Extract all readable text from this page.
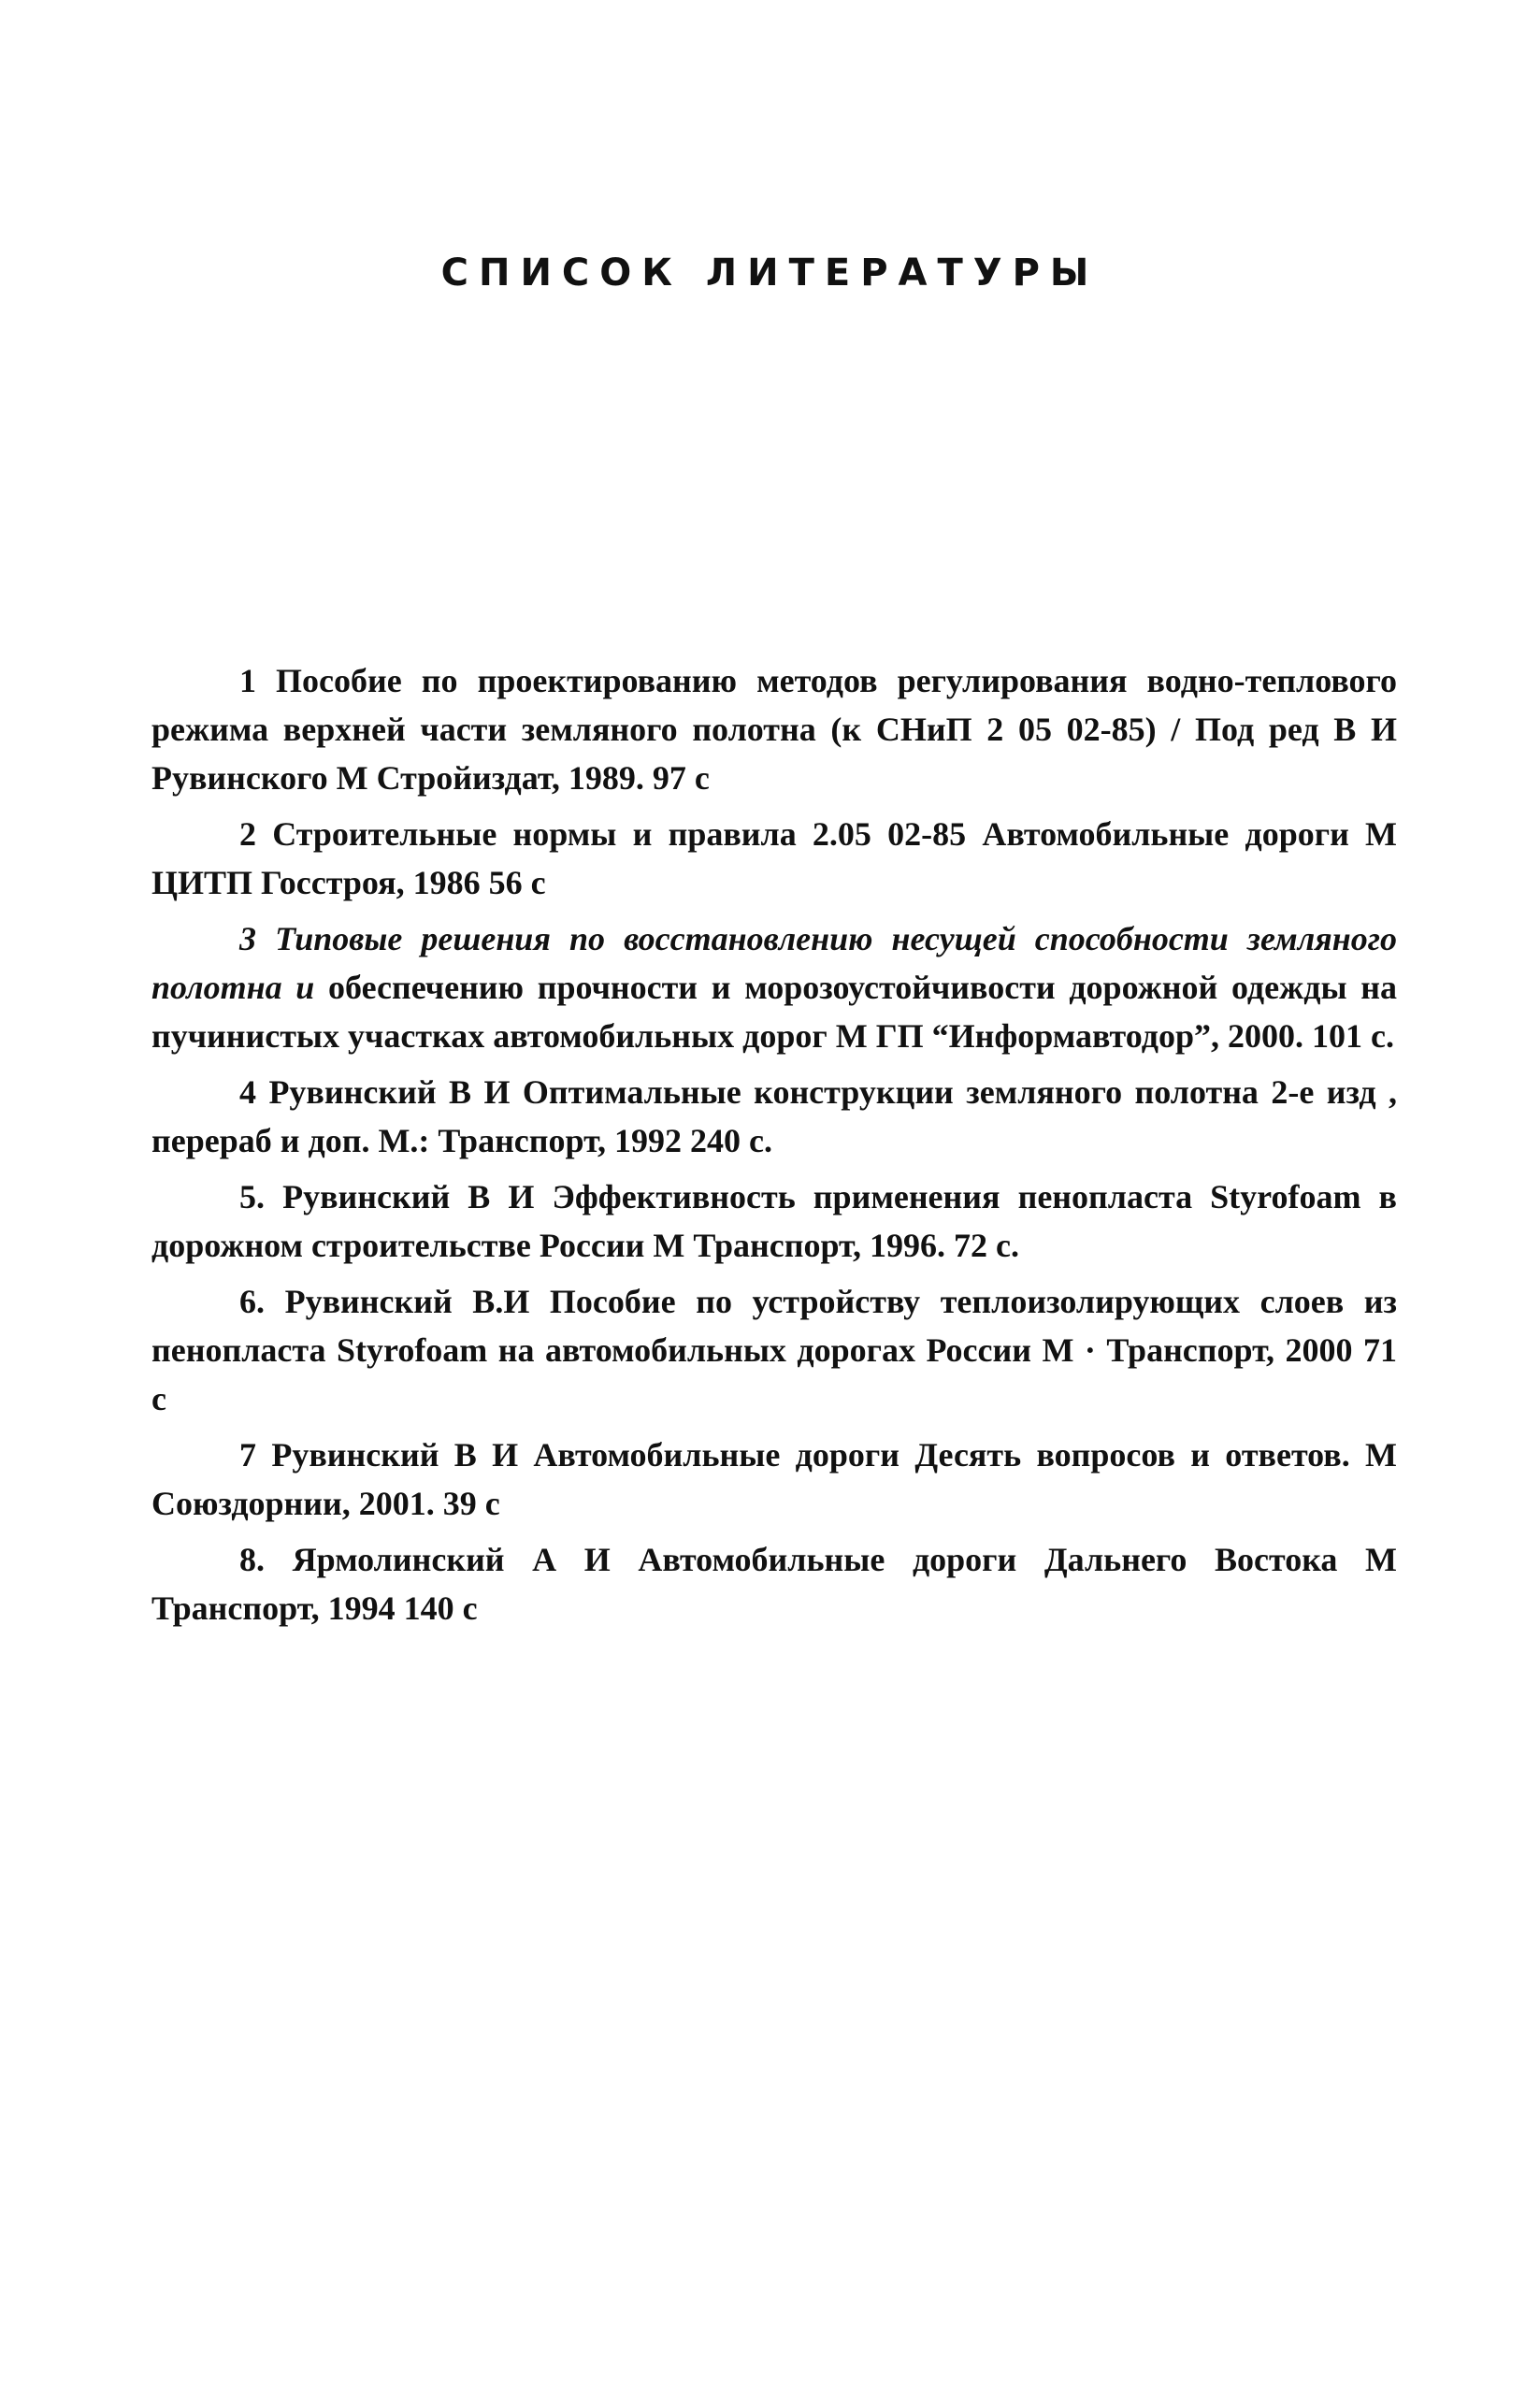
СПИСОК ЛИТЕРАТУРЫ
1 Пособие по проектированию методов регулирования водно-теплового режима верхней части земляного полотна (к СНиП 2 05 02-85) / Под ред В И Рувинского М Стройиздат, 1989. 97 с
2 Строительные нормы и правила 2.05 02-85 Автомобильные дороги М ЦИТП Госстроя, 1986 56 с
3 Типовые решения по восстановлению несущей способности земляного полотна и обеспечению прочности и морозоустойчивости дорожной одежды на пучинистых участках автомобильных дорог М ГП “Информавтодор”, 2000. 101 с.
4 Рувинский В И Оптимальные конструкции земляного полотна 2-е изд , перераб и доп. М.: Транспорт, 1992 240 с.
5. Рувинский В И Эффективность применения пенопласта Styrofoam в дорожном строительстве России М Транспорт, 1996. 72 с.
6. Рувинский В.И Пособие по устройству теплоизолирующих слоев из пенопласта Styrofoam на автомобильных дорогах России М · Транспорт, 2000 71 с
7 Рувинский В И Автомобильные дороги Десять вопросов и ответов. М Союздорнии, 2001. 39 с
8. Ярмолинский А И Автомобильные дороги Дальнего Востока М Транспорт, 1994 140 с
